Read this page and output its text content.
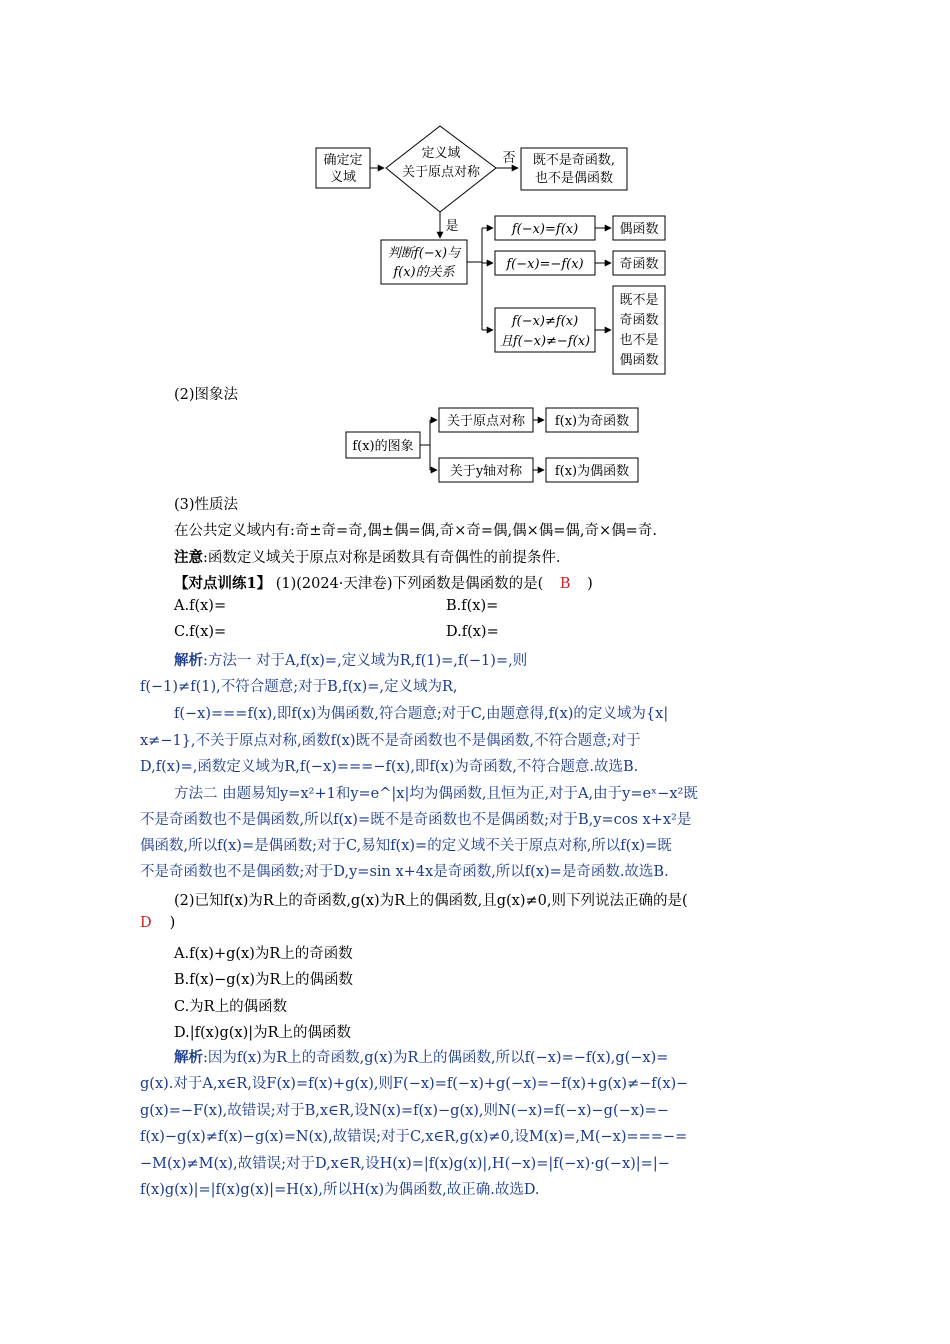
确定定
义域
定义域
关于原点对称
否 既不是奇函数,
也不是偶函数
是
判断f(−x)与
f(x)的关系
f(−x)=f(x)	偶函数
f(−x)=−f(x)	奇函数
f(−x)≠f(x)
且f(−x)≠−f(x)
既不是
奇函数
也不是
偶函数
(2)图象法
f(x)的图象
关于原点对称 f(x)为奇函数
关于y轴对称	f(x)为偶函数
(3)性质法
在公共定义域内有:奇±奇=奇,偶±偶=偶,奇×奇=偶,偶×偶=偶,奇×偶=奇.
注意:函数定义域关于原点对称是函数具有奇偶性的前提条件.
【对点训练1】 (1)(2024·天津卷)下列函数是偶函数的是( B )
A.f(x)=	B.f(x)=
C.f(x)=	D.f(x)=
解析:方法一 对于A,f(x)=,定义域为R,f(1)=,f(−1)=,则
f(−1)≠f(1),不符合题意;对于B,f(x)=,定义域为R,
f(−x)===f(x),即f(x)为偶函数,符合题意;对于C,由题意得,f(x)的定义域为{x|
x≠−1},不关于原点对称,函数f(x)既不是奇函数也不是偶函数,不符合题意;对于
D,f(x)=,函数定义域为R,f(−x)===−f(x),即f(x)为奇函数,不符合题意.故选B.
方法二 由题易知y=x²+1和y=e^|x|均为偶函数,且恒为正,对于A,由于y=eˣ−x²既
不是奇函数也不是偶函数,所以f(x)=既不是奇函数也不是偶函数;对于B,y=cos x+x²是
偶函数,所以f(x)=是偶函数;对于C,易知f(x)=的定义域不关于原点对称,所以f(x)=既
不是奇函数也不是偶函数;对于D,y=sin x+4x是奇函数,所以f(x)=是奇函数.故选B.
(2)已知f(x)为R上的奇函数,g(x)为R上的偶函数,且g(x)≠0,则下列说法正确的是(
D )
A.f(x)+g(x)为R上的奇函数
B.f(x)−g(x)为R上的偶函数
C.为R上的偶函数
D.|f(x)g(x)|为R上的偶函数
解析:因为f(x)为R上的奇函数,g(x)为R上的偶函数,所以f(−x)=−f(x),g(−x)=
g(x).对于A,x∈R,设F(x)=f(x)+g(x),则F(−x)=f(−x)+g(−x)=−f(x)+g(x)≠−f(x)−
g(x)=−F(x),故错误;对于B,x∈R,设N(x)=f(x)−g(x),则N(−x)=f(−x)−g(−x)=−
f(x)−g(x)≠f(x)−g(x)=N(x),故错误;对于C,x∈R,g(x)≠0,设M(x)=,M(−x)===−=
−M(x)≠M(x),故错误;对于D,x∈R,设H(x)=|f(x)g(x)|,H(−x)=|f(−x)·g(−x)|=|−
f(x)g(x)|=|f(x)g(x)|=H(x),所以H(x)为偶函数,故正确.故选D.
